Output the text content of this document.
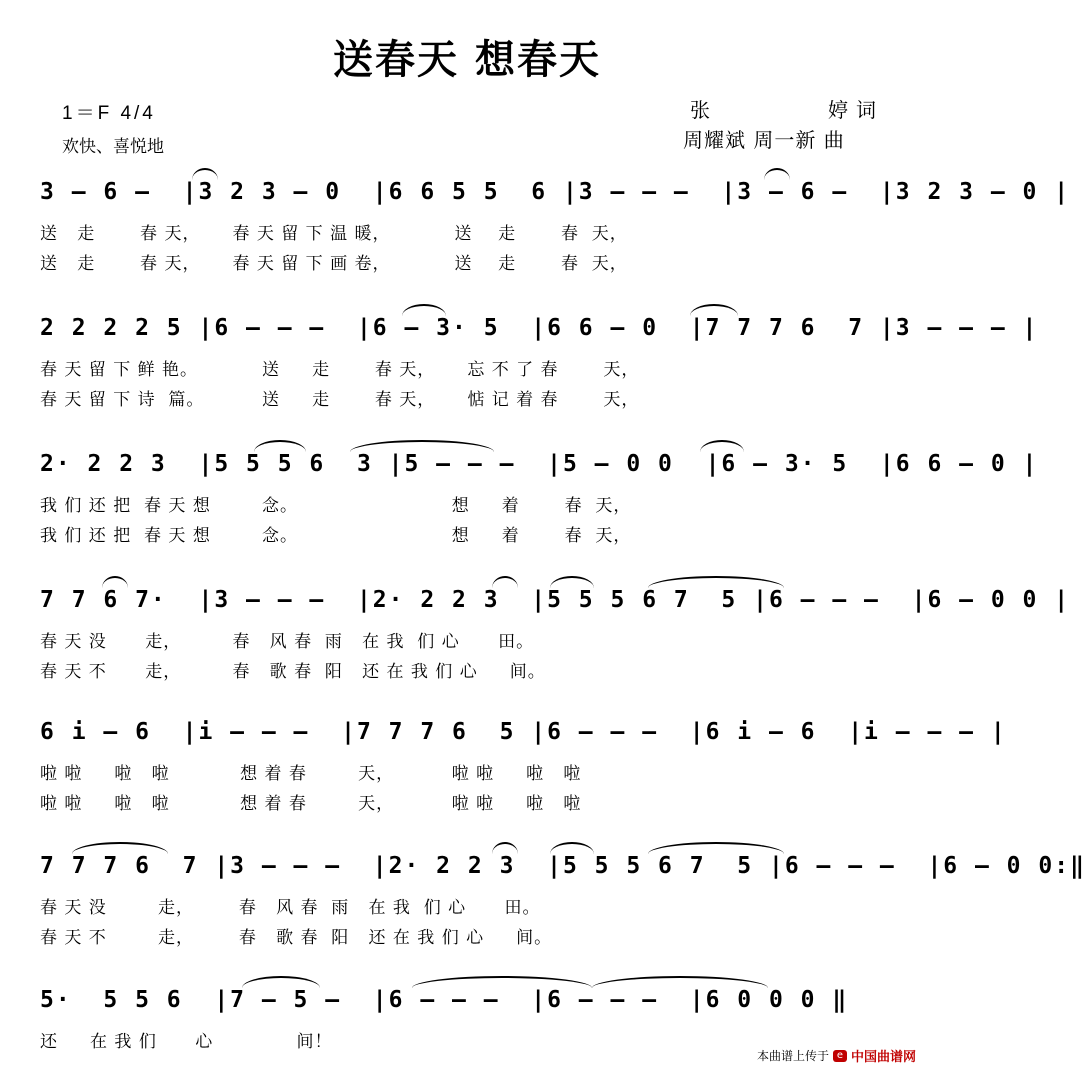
送春天 想春天
1＝F 4/4
欢快、喜悦地
张	婷 词
周耀斌 周一新 曲
3 – 6 –  |3 2 3 – 0  |6 6 5 5  6 |3 – – –  |3 – 6 –  |3 2 3 – 0 |
送   走       春 天，     春 天 留 下 温 暖，          送    走       春  天，
送   走       春 天，     春 天 留 下 画 卷，          送    走       春  天，
2 2 2 2 5 |6 – – –  |6 – 3· 5  |6 6 – 0  |7 7 7 6  7 |3 – – – |
春 天 留 下 鲜 艳。          送     走       春 天，     忘 不 了 春       天，
春 天 留 下 诗  篇。         送     走       春 天，     惦 记 着 春       天，
2· 2 2 3  |5 5 5 6  3 |5 – – –  |5 – 0 0  |6 – 3· 5  |6 6 – 0 |
我 们 还 把  春 天 想        念。                        想     着       春  天，
我 们 还 把  春 天 想        念。                        想     着       春  天，
7 7 6 7·  |3 – – –  |2· 2 2 3  |5 5 5 6 7  5 |6 – – –  |6 – 0 0 |
春 天 没      走，        春   风 春  雨   在 我  们 心      田。
春 天 不      走，        春   歌 春  阳   还 在 我 们 心     间。
6 i – 6  |i – – –  |7 7 7 6  5 |6 – – –  |6 i – 6  |i – – – |
啦 啦     啦   啦           想 着 春        天，         啦 啦     啦   啦
啦 啦     啦   啦           想 着 春        天，         啦 啦     啦   啦
7 7 7 6  7 |3 – – –  |2· 2 2 3  |5 5 5 6 7  5 |6 – – –  |6 – 0 0:‖
春 天 没        走，       春   风 春  雨   在 我  们 心      田。
春 天 不        走，       春   歌 春  阳   还 在 我 们 心     间。
5·  5 5 6  |7 – 5 –  |6 – – –  |6 – – –  |6 0 0 0 ‖
还     在 我 们      心             间！
本曲谱上传于 e 中国曲谱网
